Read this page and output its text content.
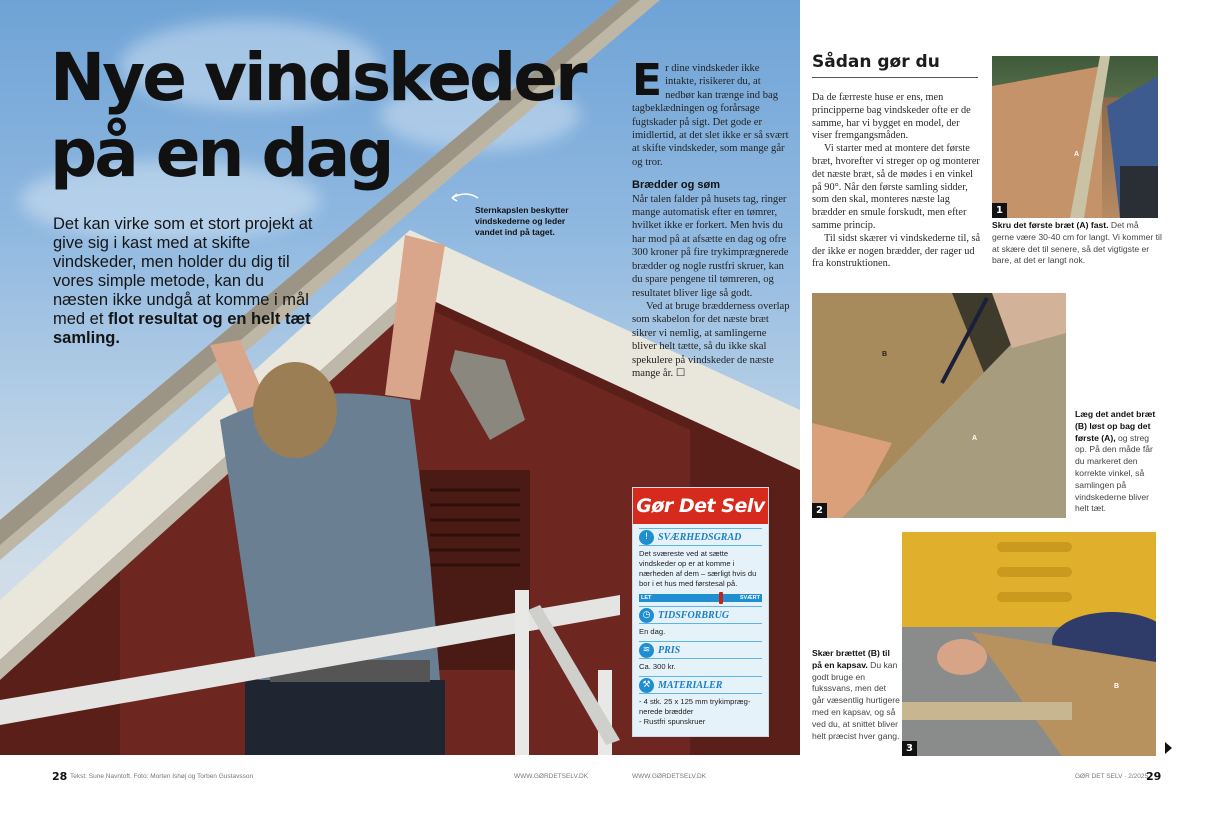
Nye vindskeder
på en dag
Det kan virke som et stort projekt at give sig i kast med at skifte vindskeder, men holder du dig til vores simple metode, kan du næsten ikke undgå at komme i mål med et flot resultat og en helt tæt samling.
Sternkapslen beskytter vindskederne og leder vandet ind på taget.

Er dine vindskeder ikke intakte, risikerer du, at nedbør kan trænge ind bag tagbeklædningen og forårsage fugtskader på sigt. Det gode er imidlertid, at det slet ikke er så svært at skifte vindskeder, som mange går og tror.

Brædder og søm

Når talen falder på husets tag, ringer mange automatisk efter en tømrer, hvilket ikke er forkert. Men hvis du har mod på at afsætte en dag og ofre 300 kroner på fire trykimprægnerede brædder og nogle rustfri skruer, kan du spare pengene til tømreren, og resultatet bliver lige så godt.

Ved at bruge brædderness overlap som skabelon for det næste bræt sikrer vi nemlig, at samlingerne bliver helt tætte, så du ikke skal spekulere på vindskeder de næste mange år. ☐

Gør Det Selv
! SVÆRHEDSGRAD
Det sværeste ved at sætte vindskeder op er at komme i nærheden af dem – særligt hvis du bor i et hus med førstesal på.
LET	SVÆRT
◷ TIDSFORBRUG
En dag.
≋ PRIS
Ca. 300 kr.
⚒ MATERIALER
- 4 stk. 25 x 125 mm trykimpræg-nerede brædder
- Rustfri spunskruer
Sådan gør du

Da de færreste huse er ens, men principperne bag vindskeder ofte er de samme, har vi bygget en model, der viser fremgangsmåden.

Vi starter med at montere det første bræt, hvorefter vi streger op og monterer det næste bræt, så de mødes i en vinkel på 90°. Når den første samling sidder, som den skal, monteres næste lag brædder en smule forskudt, men efter samme princip.

Til sidst skærer vi vindskederne til, så der ikke er nogen brædder, der rager ud fra konstruktionen.

A
1
Skru det første bræt (A) fast. Det må gerne være 30-40 cm for langt. Vi kommer til at skære det til senere, så det vigtigste er bare, at det er langt nok.
B
A
2
Læg det andet bræt (B) løst op bag det første (A), og streg op. På den måde får du markeret den korrekte vinkel, så samlingen på vindskederne bliver helt tæt.
B
3
Skær brættet (B) til på en kapsav. Du kan godt bruge en fukssvans, men det går væsentlig hurtigere med en kapsav, og så ved du, at snittet bliver helt præcist hver gang.
28 Tekst: Sune Navntoft. Foto: Morten Ishøj og Torben Gustavsson	WWW.GØRDETSELV.DK	WWW.GØRDETSELV.DK	GØR DET SELV · 2/2025
29
